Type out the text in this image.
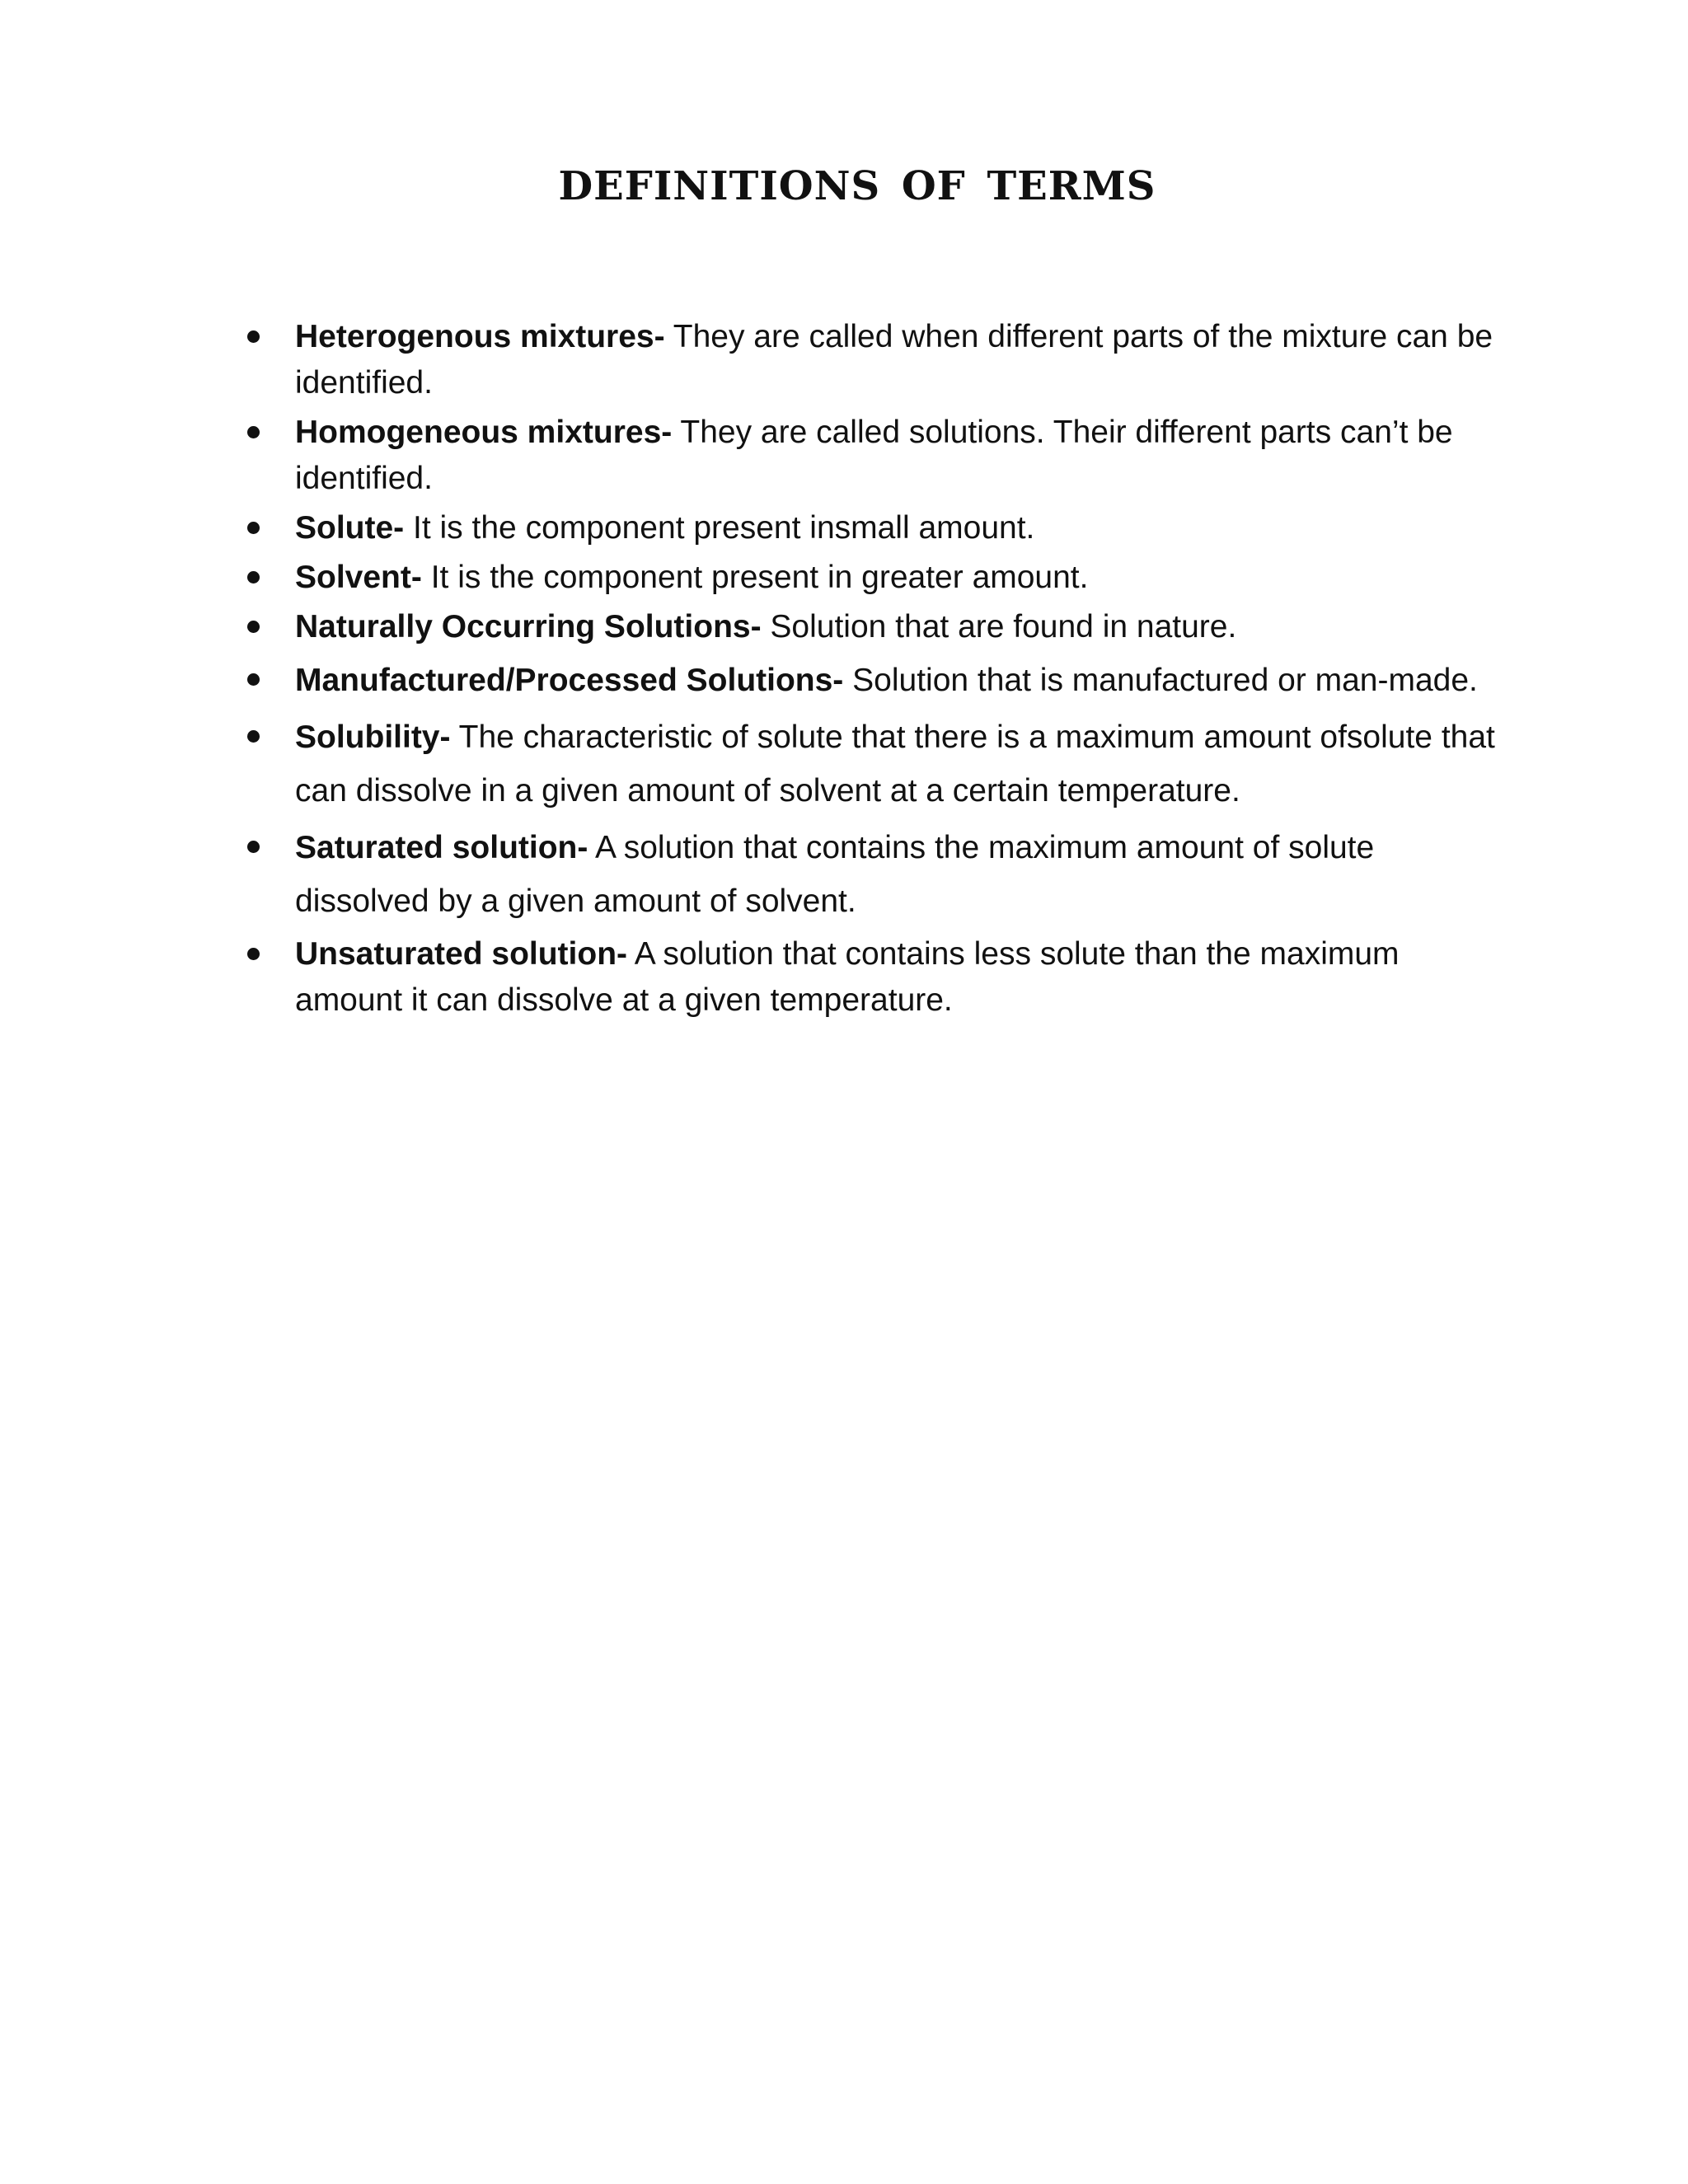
DEFINITIONS OF TERMS
Heterogenous mixtures- They are called when different parts of the mixture can be identified.
Homogeneous mixtures- They are called solutions. Their different parts can’t be identified.
Solute- It is the component present insmall amount.
Solvent- It is the component present in greater amount.
Naturally Occurring Solutions- Solution that are found in nature.
Manufactured/Processed Solutions- Solution that is manufactured or man-made.
Solubility- The characteristic of solute that there is a maximum amount ofsolute that can dissolve in a given amount of solvent at a certain temperature.
Saturated solution- A solution that contains the maximum amount of solute dissolved by a given amount of solvent.
Unsaturated solution- A solution that contains less solute than the maximum amount it can dissolve at a given temperature.
